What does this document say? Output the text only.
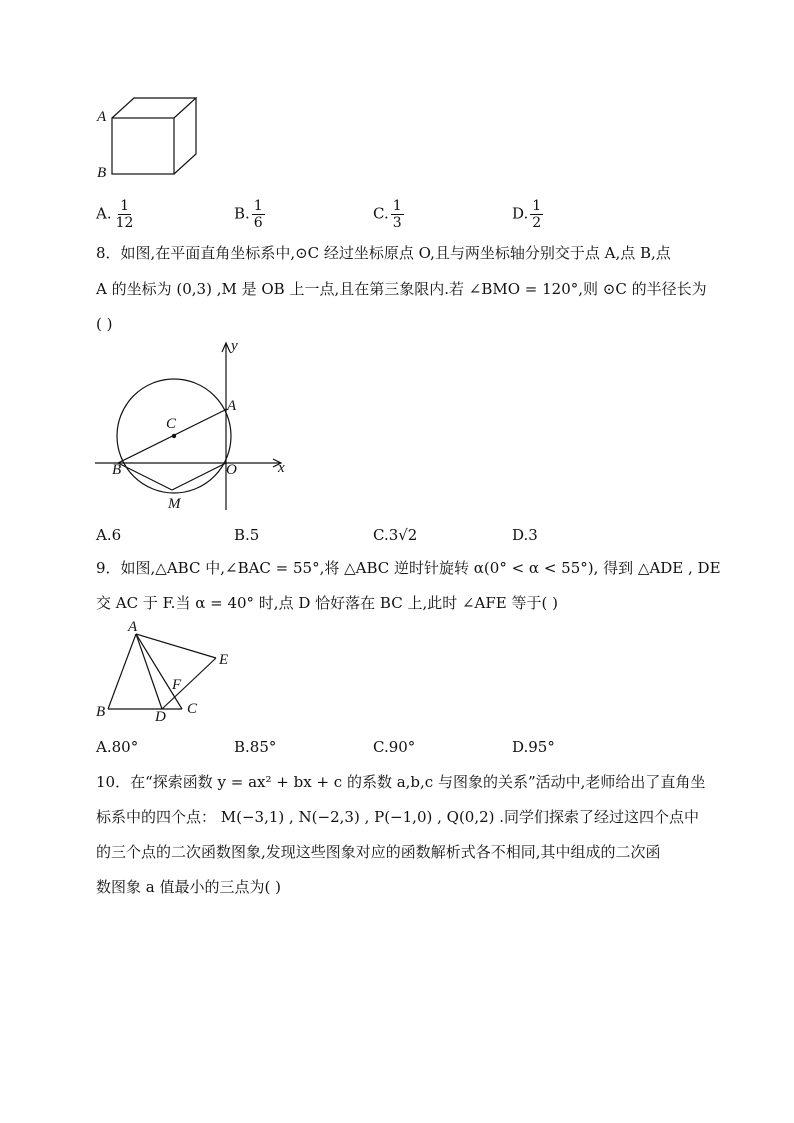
A
B
A. $\frac{1}{12}$	B. $\frac{1}{6}$	C. $\frac{1}{3}$	D. $\frac{1}{2}$
8．如图,在平面直角坐标系中,⊙C 经过坐标原点 O,且与两坐标轴分别交于点 A,点 B,点
A 的坐标为 (0,3) ,M 是 OB 上一点,且在第三象限内.若 ∠BMO = 120°,则 ⊙C 的半径长为
( )
y
x
A
C
B	O
M
A.6	B.5	C.3√2	D.3
9．如图,△ABC 中,∠BAC = 55°,将 △ABC 逆时针旋转 α(0° < α < 55°), 得到 △ADE , DE
交 AC 于 F.当 α = 40° 时,点 D 恰好落在 BC 上,此时 ∠AFE 等于( )
A
E
F
B	D C
A.80°	B.85°	C.90°	D.95°
10．在“探索函数 y = ax² + bx + c 的系数 a,b,c 与图象的关系”活动中,老师给出了直角坐
标系中的四个点： M(−3,1) , N(−2,3) , P(−1,0) , Q(0,2) .同学们探索了经过这四个点中
的三个点的二次函数图象,发现这些图象对应的函数解析式各不相同,其中组成的二次函
数图象 a 值最小的三点为( )
